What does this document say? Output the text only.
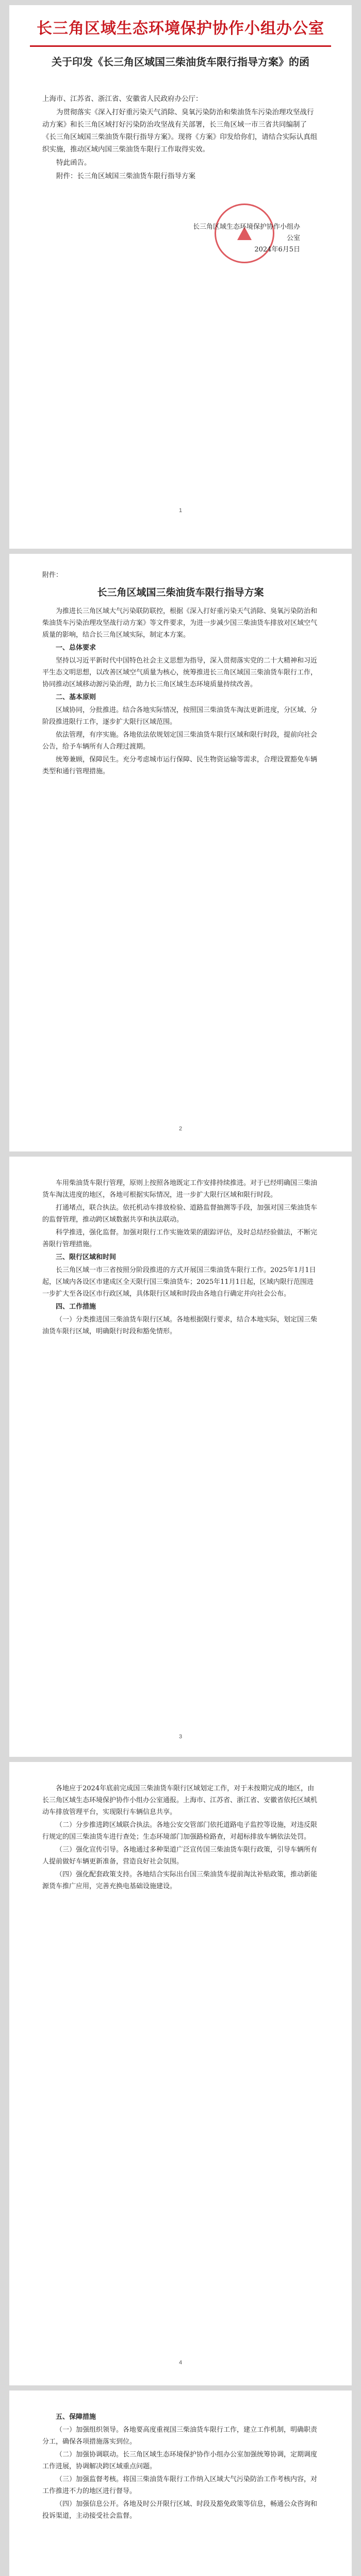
长三角区域生态环境保护协作小组办公室
关于印发《长三角区域国三柴油货车限行指导方案》的函

上海市、江苏省、浙江省、安徽省人民政府办公厅：

为贯彻落实《深入打好重污染天气消除、臭氧污染防治和柴油货车污染治理攻坚战行动方案》和长三角区域打好污染防治攻坚战有关部署，长三角区域一市三省共同编制了《长三角区域国三柴油货车限行指导方案》。现将《方案》印发给你们，请结合实际认真组织实施，推动区域内国三柴油货车限行工作取得实效。

特此函告。

附件：长三角区域国三柴油货车限行指导方案

长三角区域生态环境保护协作小组办公室
2024年6月5日
1
附件：
长三角区域国三柴油货车限行指导方案

为推进长三角区域大气污染联防联控，根据《深入打好重污染天气消除、臭氧污染防治和柴油货车污染治理攻坚战行动方案》等文件要求，为进一步减少国三柴油货车排放对区域空气质量的影响，结合长三角区域实际，制定本方案。

一、总体要求

坚持以习近平新时代中国特色社会主义思想为指导，深入贯彻落实党的二十大精神和习近平生态文明思想，以改善区域空气质量为核心，统筹推进长三角区域国三柴油货车限行工作，协同推动区域移动源污染治理，助力长三角区域生态环境质量持续改善。

二、基本原则

区域协同，分批推进。结合各地实际情况，按照国三柴油货车淘汰更新进度，分区域、分阶段推进限行工作，逐步扩大限行区域范围。

依法管理，有序实施。各地依法依规划定国三柴油货车限行区域和限行时段，提前向社会公告，给予车辆所有人合理过渡期。

统筹兼顾，保障民生。充分考虑城市运行保障、民生物资运输等需求，合理设置豁免车辆类型和通行管理措施。

2

车用柴油货车限行管理，原则上按照各地既定工作安排持续推进。对于已经明确国三柴油货车淘汰进度的地区，各地可根据实际情况，进一步扩大限行区域和限行时段。

打通堵点，联合执法。依托机动车排放检验、道路监督抽测等手段，加强对国三柴油货车的监督管理，推动跨区域数据共享和执法联动。

科学推进，强化监督。加强对限行工作实施效果的跟踪评估，及时总结经验做法，不断完善限行管理措施。

三、限行区域和时间

长三角区域一市三省按照分阶段推进的方式开展国三柴油货车限行工作。2025年1月1日起，区域内各设区市建成区全天限行国三柴油货车；2025年11月1日起，区域内限行范围进一步扩大至各设区市行政区域，具体限行区域和时段由各地自行确定并向社会公布。

四、工作措施

（一）分类推进国三柴油货车限行区域。各地根据限行要求，结合本地实际，划定国三柴油货车限行区域，明确限行时段和豁免情形。

3

各地应于2024年底前完成国三柴油货车限行区域划定工作，对于未按期完成的地区，由长三角区域生态环境保护协作小组办公室通报。上海市、江苏省、浙江省、安徽省依托区域机动车排放管理平台，实现限行车辆信息共享。

（二）分步推进跨区域联合执法。各地公安交管部门依托道路电子监控等设施，对违反限行规定的国三柴油货车进行查处；生态环境部门加强路检路查，对超标排放车辆依法处罚。

（三）强化宣传引导。各地通过多种渠道广泛宣传国三柴油货车限行政策，引导车辆所有人提前做好车辆更新准备，营造良好社会氛围。

（四）强化配套政策支持。各地结合实际出台国三柴油货车提前淘汰补贴政策，推动新能源货车推广应用，完善充换电基础设施建设。

4

五、保障措施

（一）加强组织领导。各地要高度重视国三柴油货车限行工作，建立工作机制，明确职责分工，确保各项措施落实到位。

（二）加强协调联动。长三角区域生态环境保护协作小组办公室加强统筹协调，定期调度工作进展，协调解决跨区域重点问题。

（三）加强监督考核。将国三柴油货车限行工作纳入区域大气污染防治工作考核内容，对工作推进不力的地区进行督导。

（四）加强信息公开。各地及时公开限行区域、时段及豁免政策等信息，畅通公众咨询和投诉渠道，主动接受社会监督。
